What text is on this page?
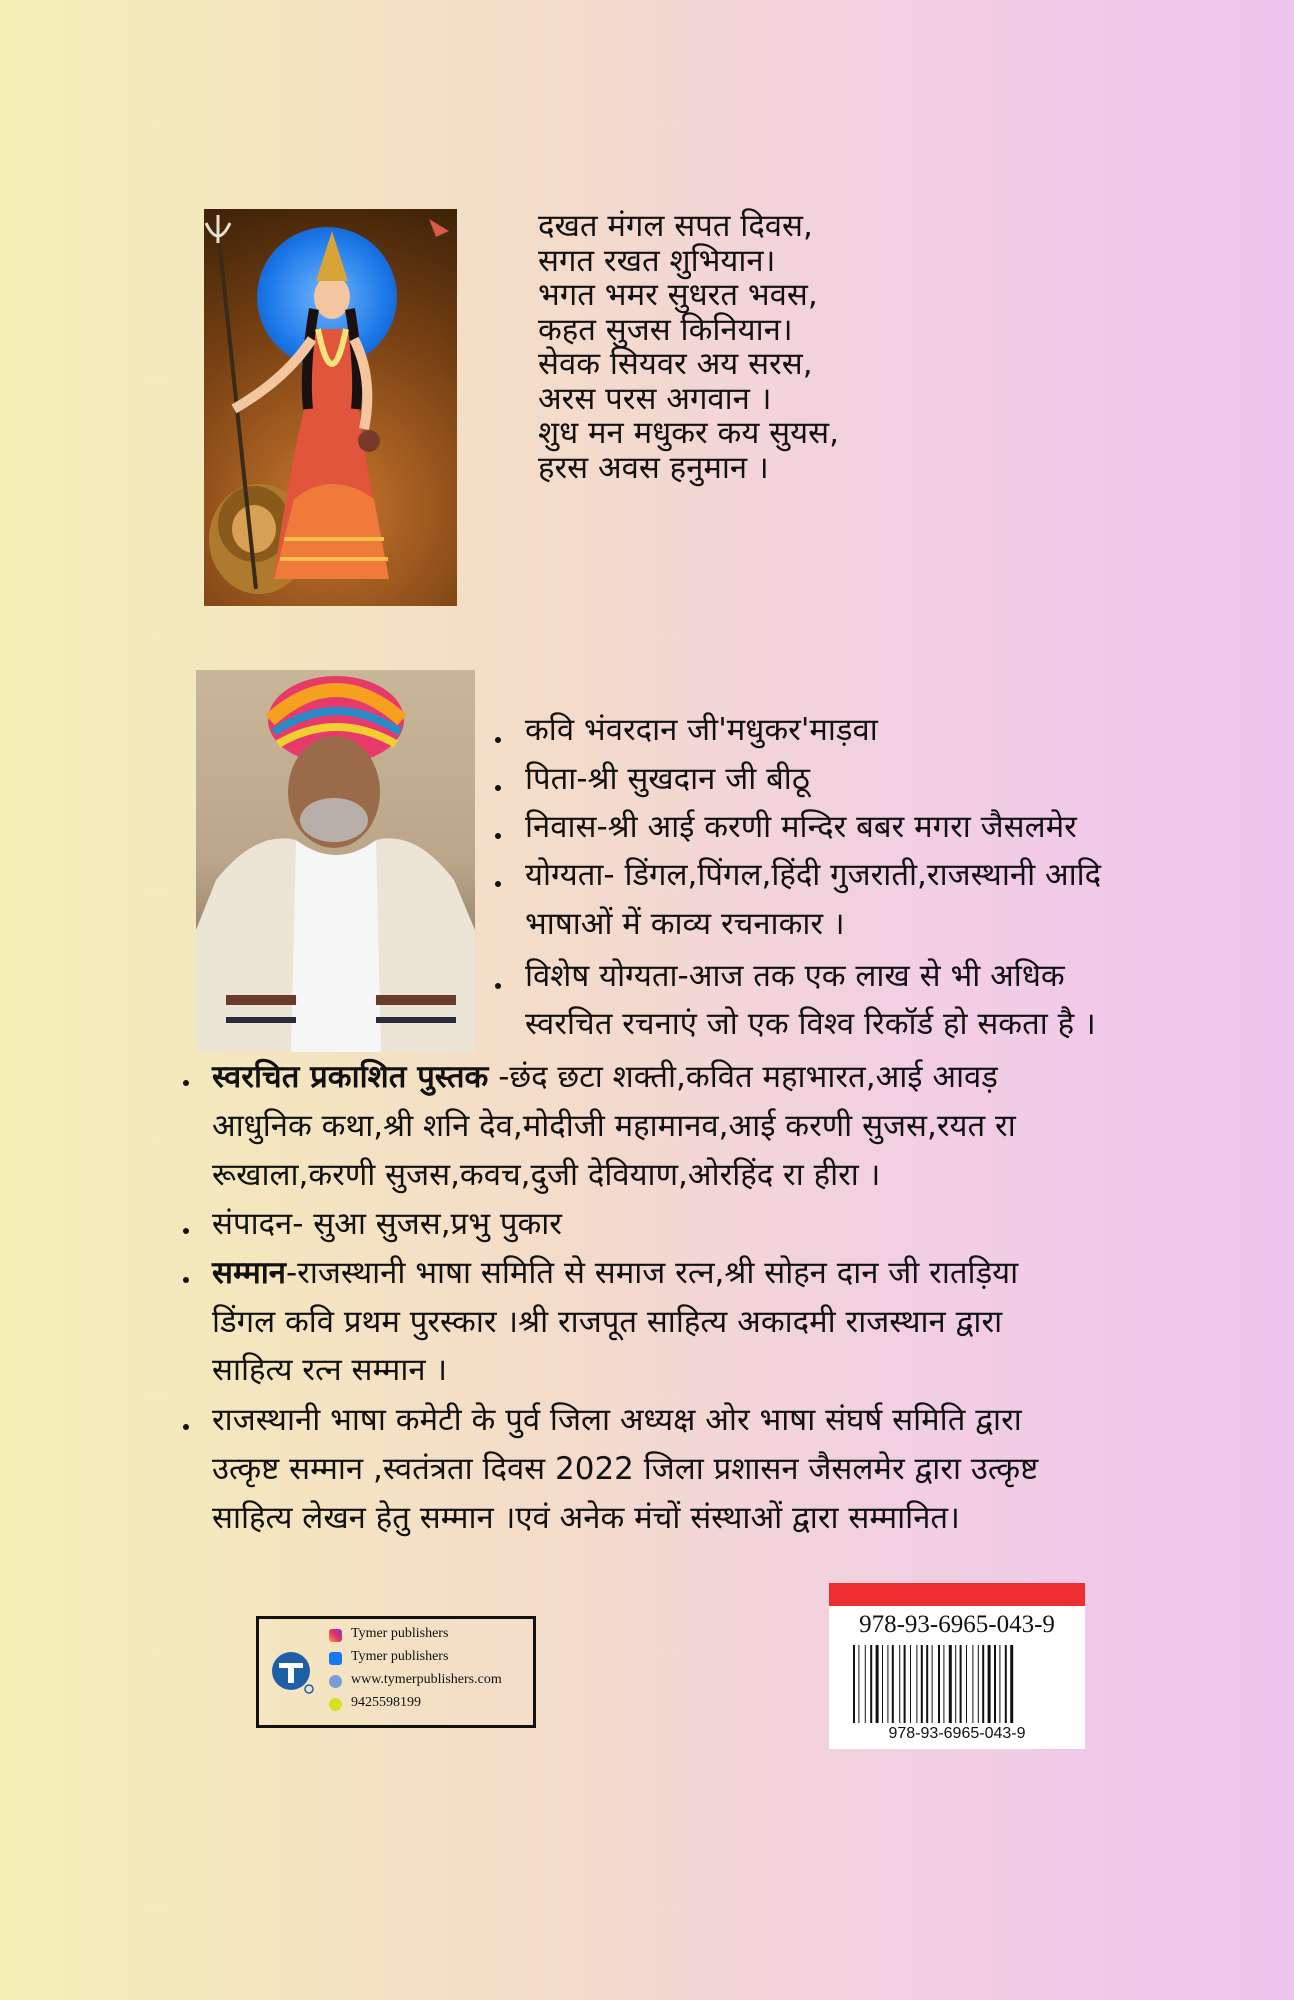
दखत मंगल सपत दिवस,
सगत रखत शुभियान।
भगत भमर सुधरत भवस,
कहत सुजस किनियान।
सेवक सियवर अय सरस,
अरस परस अगवान ।
शुध मन मधुकर कय सुयस,
हरस अवस हनुमान ।
कवि भंवरदान जी'मधुकर'माड़वा
पिता-श्री सुखदान जी बीठू
निवास-श्री आई करणी मन्दिर बबर मगरा जैसलमेर
योग्यता- डिंगल,पिंगल,हिंदी गुजराती,राजस्थानी आदि
भाषाओं में काव्य रचनाकार ।
विशेष योग्यता-आज तक एक लाख से भी अधिक
स्वरचित रचनाएं जो एक विश्व रिकॉर्ड हो सकता है ।
स्वरचित प्रकाशित पुस्तक -छंद छटा शक्ती,कवित महाभारत,आई आवड़
आधुनिक कथा,श्री शनि देव,मोदीजी महामानव,आई करणी सुजस,रयत रा
रूखाला,करणी सुजस,कवच,दुजी देवियाण,ओरहिंद रा हीरा ।
संपादन- सुआ सुजस,प्रभु पुकार
सम्मान-राजस्थानी भाषा समिति से समाज रत्न,श्री सोहन दान जी रातड़िया
डिंगल कवि प्रथम पुरस्कार ।श्री राजपूत साहित्य अकादमी राजस्थान द्वारा
साहित्य रत्न सम्मान ।
राजस्थानी भाषा कमेटी के पुर्व जिला अध्यक्ष ओर भाषा संघर्ष समिति द्वारा
उत्कृष्ट सम्मान ,स्वतंत्रता दिवस 2022 जिला प्रशासन जैसलमेर द्वारा उत्कृष्ट
साहित्य लेखन हेतु सम्मान ।एवं अनेक मंचों संस्थाओं द्वारा सम्मानित।
Tymer publishers
Tymer publishers
www.tymerpublishers.com
9425598199
978-93-6965-043-9
978-93-6965-043-9
